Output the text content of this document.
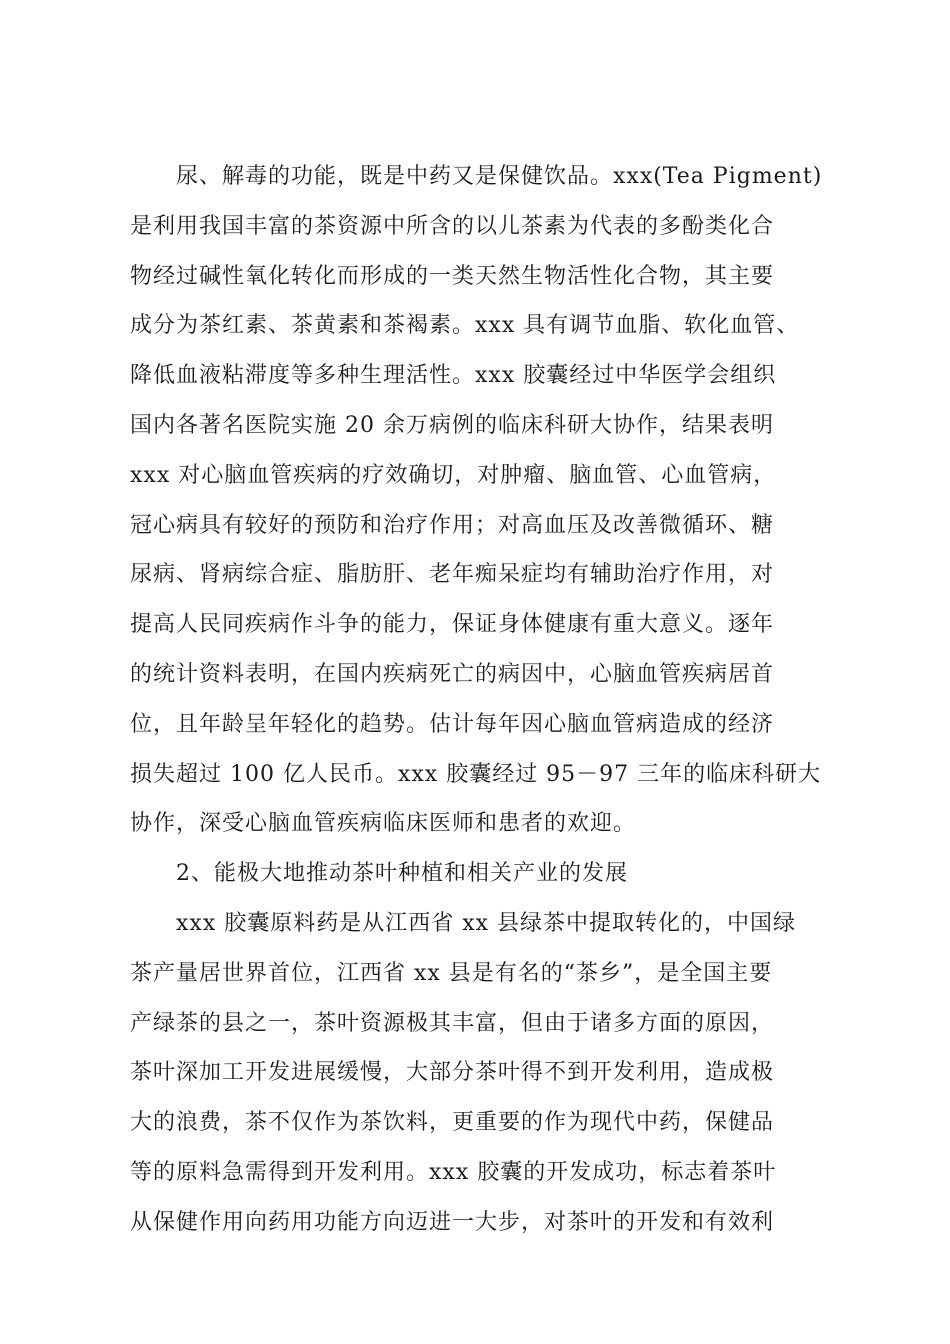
尿、解毒的功能，既是中药又是保健饮品。xxx(Tea Pigment)
是利用我国丰富的茶资源中所含的以儿茶素为代表的多酚类化合
物经过碱性氧化转化而形成的一类天然生物活性化合物，其主要
成分为茶红素、茶黄素和茶褐素。xxx 具有调节血脂、软化血管、
降低血液粘滞度等多种生理活性。xxx 胶囊经过中华医学会组织
国内各著名医院实施 20 余万病例的临床科研大协作，结果表明
xxx 对心脑血管疾病的疗效确切，对肿瘤、脑血管、心血管病，
冠心病具有较好的预防和治疗作用；对高血压及改善微循环、糖
尿病、肾病综合症、脂肪肝、老年痴呆症均有辅助治疗作用，对
提高人民同疾病作斗争的能力，保证身体健康有重大意义。逐年
的统计资料表明，在国内疾病死亡的病因中，心脑血管疾病居首
位，且年龄呈年轻化的趋势。估计每年因心脑血管病造成的经济
损失超过 100 亿人民币。xxx 胶囊经过 95－97 三年的临床科研大
协作，深受心脑血管疾病临床医师和患者的欢迎。
2、能极大地推动茶叶种植和相关产业的发展
xxx 胶囊原料药是从江西省 xx 县绿茶中提取转化的，中国绿
茶产量居世界首位，江西省 xx 县是有名的“茶乡”，是全国主要
产绿茶的县之一，茶叶资源极其丰富，但由于诸多方面的原因，
茶叶深加工开发进展缓慢，大部分茶叶得不到开发利用，造成极
大的浪费，茶不仅作为茶饮料，更重要的作为现代中药，保健品
等的原料急需得到开发利用。xxx 胶囊的开发成功，标志着茶叶
从保健作用向药用功能方向迈进一大步，对茶叶的开发和有效利
